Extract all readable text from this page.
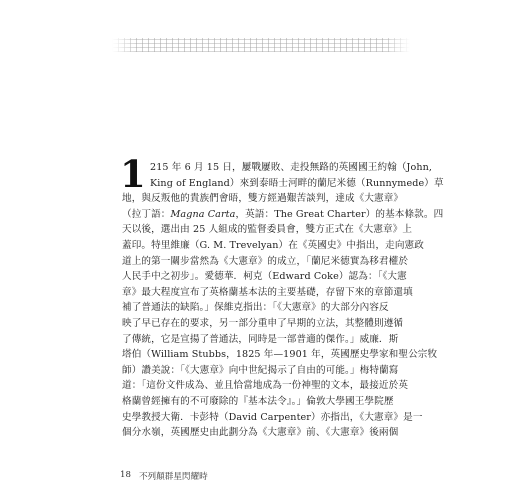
1 215 年 6 月 15 日，屢戰屢敗、走投無路的英國國王約翰（John,
King of England）來到泰晤士河畔的蘭尼米德（Runnymede）草
地，與反叛他的貴族們會晤，雙方經過艱苦談判，達成《大憲章》
（拉丁語：Magna Carta，英語：The Great Charter）的基本條款。四
天以後，選出由 25 人組成的監督委員會，雙方正式在《大憲章》上
蓋印。特里維廉（G. M. Trevelyan）在《英國史》中指出，走向憲政
道上的第一關步當然為《大憲章》的成立，「蘭尼米德實為移君權於
人民手中之初步」。愛德華．柯克（Edward Coke）認為：「《大憲
章》最大程度宣布了英格蘭基本法的主要基礎，存留下來的章節還填
補了普通法的缺陷。」保維克指出：「《大憲章》的大部分內容反
映了早已存在的要求，另一部分重申了早期的立法，其整體則遵循
了傳統，它是宣揚了普通法，同時是一部普適的傑作。」威廉．斯
塔伯（William Stubbs，1825 年—1901 年，英國歷史學家和聖公宗牧
師）讚美說：「《大憲章》向中世紀揭示了自由的可能。」梅特蘭寫
道：「這份文件成為、並且恰當地成為一份神聖的文本，最接近於英
格蘭曾經擁有的不可廢除的『基本法令』。」倫敦大學國王學院歷
史學教授大衛．卡彭特（David Carpenter）亦指出，《大憲章》是一
個分水嶺，英國歷史由此劃分為《大憲章》前、《大憲章》後兩個
18 不列顛群星閃耀時
